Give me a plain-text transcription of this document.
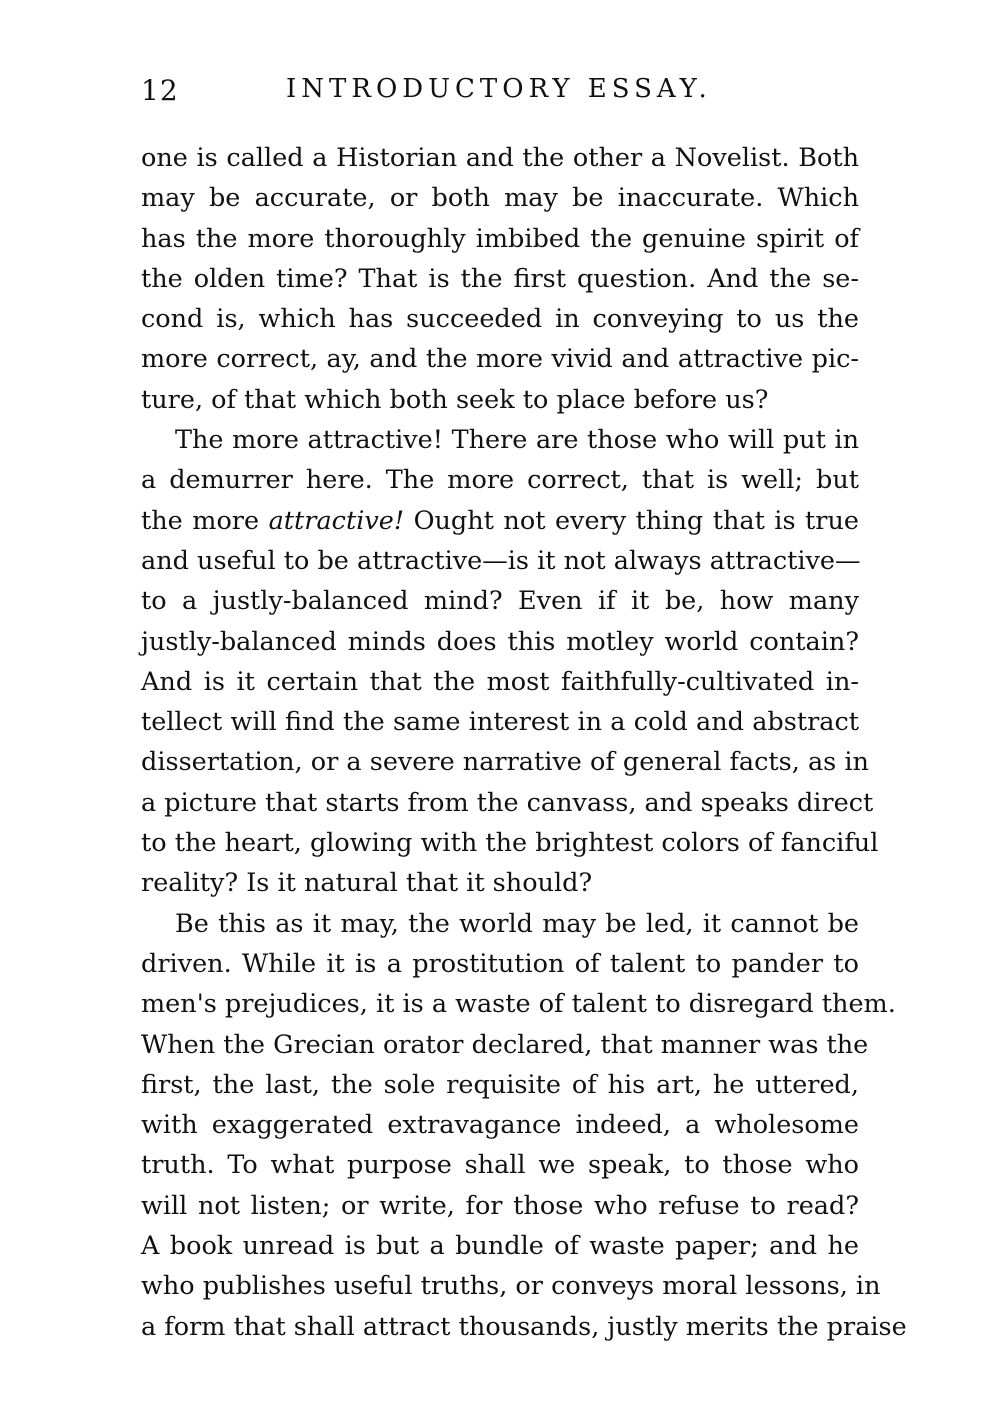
12	INTRODUCTORY ESSAY.
one is called a Historian and the other a Novelist. Both
may be accurate, or both may be inaccurate. Which
has the more thoroughly imbibed the genuine spirit of
the olden time? That is the first question. And the se-
cond is, which has succeeded in conveying to us the
more correct, ay, and the more vivid and attractive pic-
ture, of that which both seek to place before us?
The more attractive! There are those who will put in
a demurrer here. The more correct, that is well; but
the more attractive! Ought not every thing that is true
and useful to be attractive—is it not always attractive—
to a justly-balanced mind? Even if it be, how many
justly-balanced minds does this motley world contain?
And is it certain that the most faithfully-cultivated in-
tellect will find the same interest in a cold and abstract
dissertation, or a severe narrative of general facts, as in
a picture that starts from the canvass, and speaks direct
to the heart, glowing with the brightest colors of fanciful
reality? Is it natural that it should?
Be this as it may, the world may be led, it cannot be
driven. While it is a prostitution of talent to pander to
men's prejudices, it is a waste of talent to disregard them.
When the Grecian orator declared, that manner was the
first, the last, the sole requisite of his art, he uttered,
with exaggerated extravagance indeed, a wholesome
truth. To what purpose shall we speak, to those who
will not listen; or write, for those who refuse to read?
A book unread is but a bundle of waste paper; and he
who publishes useful truths, or conveys moral lessons, in
a form that shall attract thousands, justly merits the praise
